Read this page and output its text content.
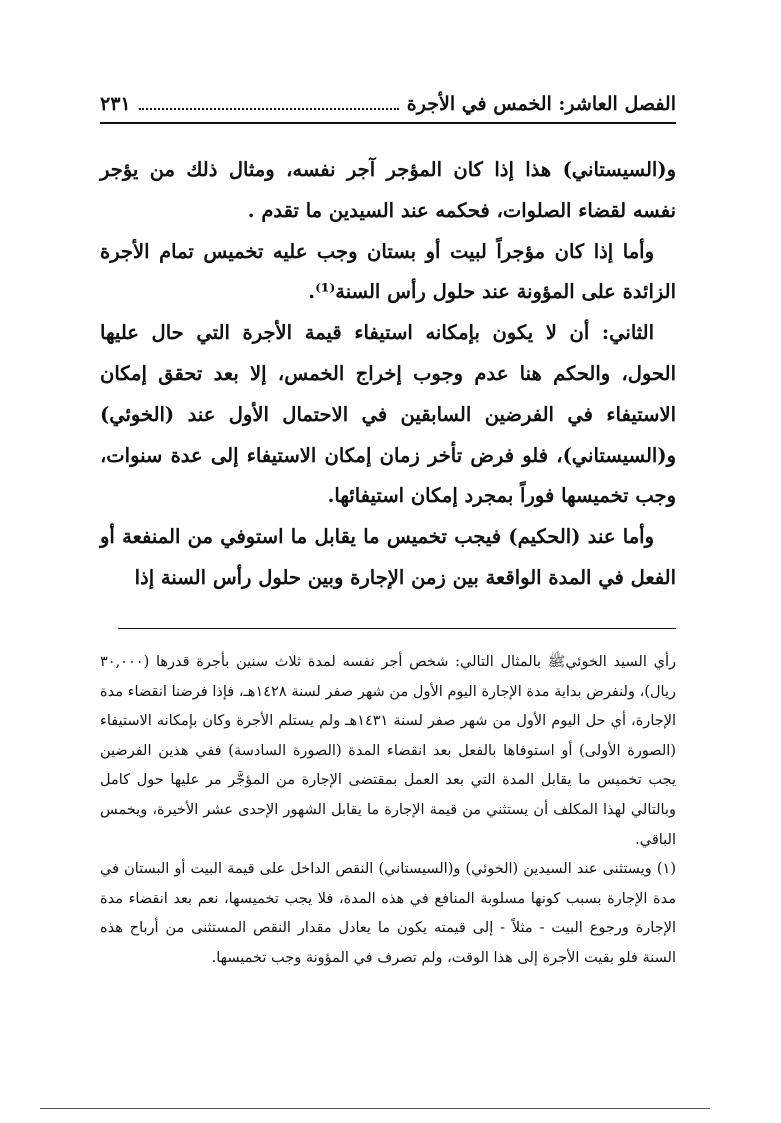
الفصل العاشر: الخمس في الأجرة
٢٣١

و(السيستاني) هذا إذا كان المؤجر آجر نفسه، ومثال ذلك من يؤجر نفسه لقضاء الصلوات، فحكمه عند السيدين ما تقدم .

وأما إذا كان مؤجراً لبيت أو بستان وجب عليه تخميس تمام الأجرة الزائدة على المؤونة عند حلول رأس السنة⁽¹⁾.

الثاني: أن لا يكون بإمكانه استيفاء قيمة الأجرة التي حال عليها الحول، والحكم هنا عدم وجوب إخراج الخمس، إلا بعد تحقق إمكان الاستيفاء في الفرضين السابقين في الاحتمال الأول عند (الخوئي) و(السيستاني)، فلو فرض تأخر زمان إمكان الاستيفاء إلى عدة سنوات، وجب تخميسها فوراً بمجرد إمكان استيفائها.

وأما عند (الحكيم) فيجب تخميس ما يقابل ما استوفي من المنفعة أو الفعل في المدة الواقعة بين زمن الإجارة وبين حلول رأس السنة إذا

رأي السيد الخوئيﷺ بالمثال التالي: شخص أجر نفسه لمدة ثلاث سنين بأجرة قدرها (٣٠,٠٠٠ ريال)، ولنفرض بداية مدة الإجارة اليوم الأول من شهر صفر لسنة ١٤٢٨هـ، فإذا فرضنا انقضاء مدة الإجارة، أي حل اليوم الأول من شهر صفر لسنة ١٤٣١هـ ولم يستلم الأجرة وكان بإمكانه الاستيفاء (الصورة الأولى) أو استوفاها بالفعل بعد انقضاء المدة (الصورة السادسة) ففي هذين الفرضين يجب تخميس ما يقابل المدة التي بعد العمل بمقتضى الإجارة من المؤجَّر مر عليها حول كامل وبالتالي لهذا المكلف أن يستثني من قيمة الإجارة ما يقابل الشهور الإحدى عشر الأخيرة، ويخمس الباقي.

(١) ويستثنى عند السيدين (الخوئي) و(السيستاني) النقص الداخل على قيمة البيت أو البستان في مدة الإجارة بسبب كونها مسلوبة المنافع في هذه المدة، فلا يجب تخميسها، نعم بعد انقضاء مدة الإجارة ورجوع البيت - مثلاً - إلى قيمته يكون ما يعادل مقدار النقص المستثنى من أرباح هذه السنة فلو بقيت الأجرة إلى هذا الوقت، ولم تصرف في المؤونة وجب تخميسها.
